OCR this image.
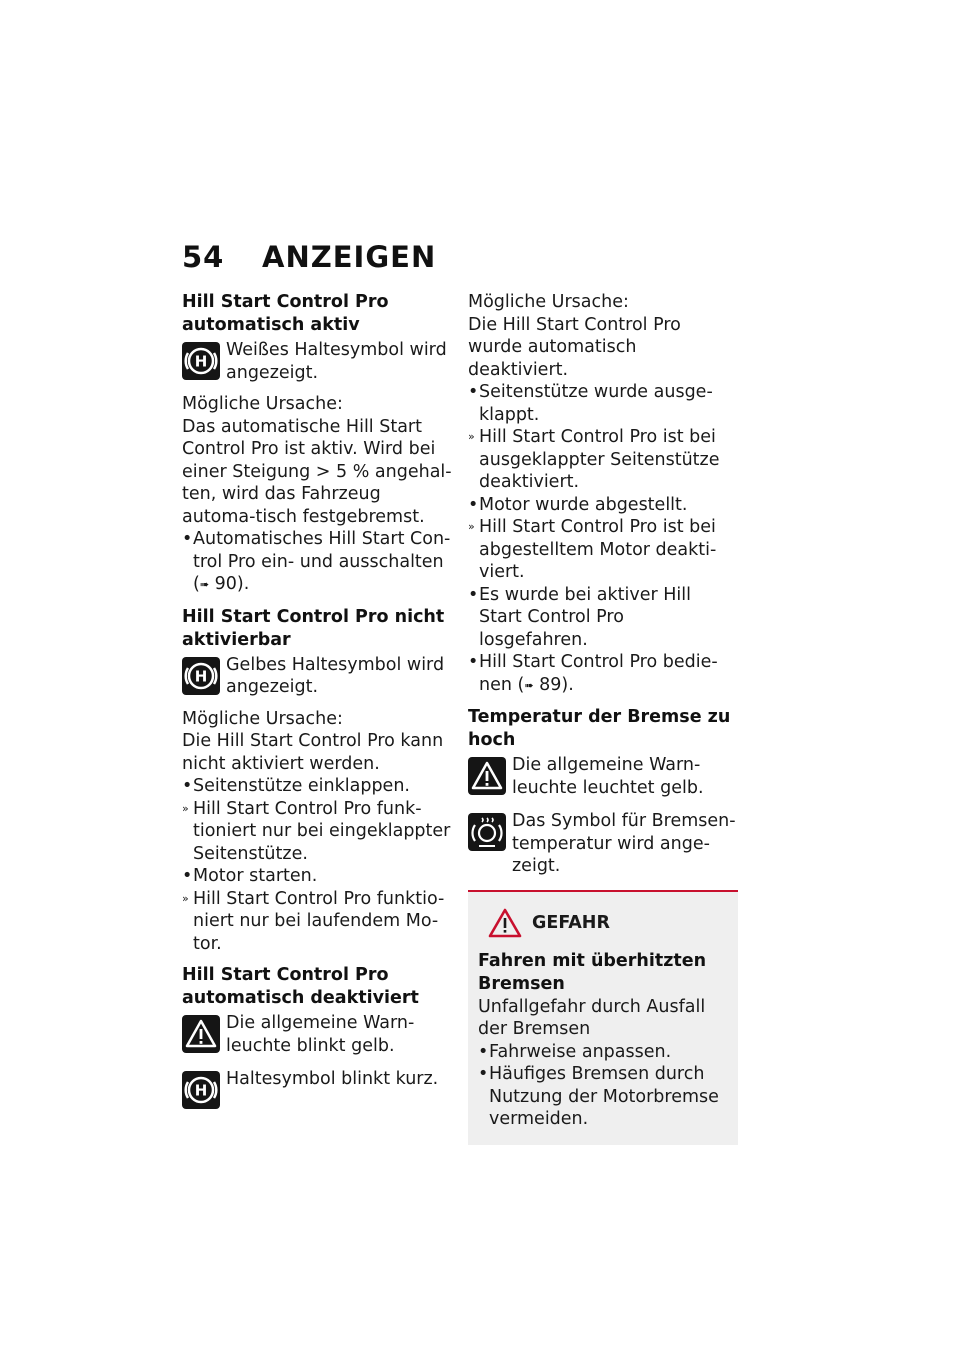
54 ANZEIGEN

Hill Start Control Pro automatisch aktiv

H

Weißes Haltesymbol wird angezeigt.

Mögliche Ursache:

Das automatische Hill Start Control Pro ist aktiv. Wird bei einer Steigung > 5 % angehal-ten, wird das Fahrzeug automa-tisch festgebremst.

• Automatisches Hill Start Con-trol Pro ein- und ausschalten (➠ 90).

Hill Start Control Pro nicht aktivierbar

H

Gelbes Haltesymbol wird angezeigt.

Mögliche Ursache:

Die Hill Start Control Pro kann nicht aktiviert werden.

• Seitenstütze einklappen.

» Hill Start Control Pro funk-tioniert nur bei eingeklappter Seitenstütze.

• Motor starten.

» Hill Start Control Pro funktio-niert nur bei laufendem Mo-tor.

Hill Start Control Pro automatisch deaktiviert

Die allgemeine Warn-leuchte blinkt gelb.

H

Haltesymbol blinkt kurz.

Mögliche Ursache:

Die Hill Start Control Pro wurde automatisch deaktiviert.

• Seitenstütze wurde ausge-klappt.

» Hill Start Control Pro ist bei ausgeklappter Seitenstütze deaktiviert.

• Motor wurde abgestellt.

» Hill Start Control Pro ist bei abgestelltem Motor deakti-viert.

• Es wurde bei aktiver Hill Start Control Pro losgefahren.

• Hill Start Control Pro bedie-nen (➠ 89).

Temperatur der Bremse zu hoch

Die allgemeine Warn-leuchte leuchtet gelb.

Das Symbol für Bremsen-temperatur wird ange-zeigt.

GEFAHR

Fahren mit überhitzten Bremsen

Unfallgefahr durch Ausfall der Bremsen

• Fahrweise anpassen.

• Häufiges Bremsen durch Nutzung der Motorbremse vermeiden.
